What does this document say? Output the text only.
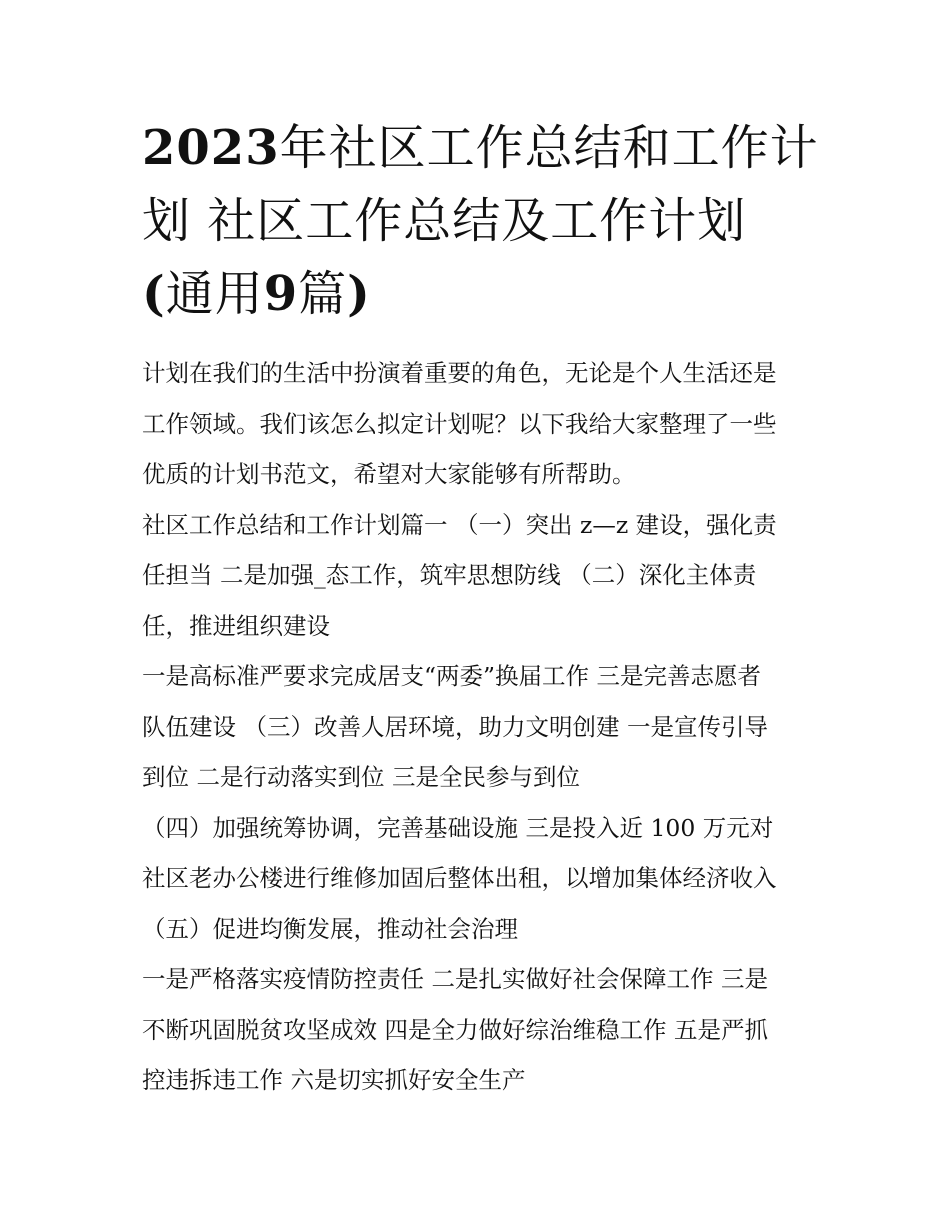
2023年社区工作总结和工作计
划 社区工作总结及工作计划
(通用9篇)

计划在我们的生活中扮演着重要的角色，无论是个人生活还是
工作领域。我们该怎么拟定计划呢？以下我给大家整理了一些
优质的计划书范文，希望对大家能够有所帮助。

社区工作总结和工作计划篇一 （一）突出 z—z 建设，强化责
任担当 二是加强_态工作，筑牢思想防线 （二）深化主体责
任，推进组织建设

一是高标准严要求完成居支“两委”换届工作 三是完善志愿者
队伍建设 （三）改善人居环境，助力文明创建 一是宣传引导
到位 二是行动落实到位 三是全民参与到位

（四）加强统筹协调，完善基础设施 三是投入近 100 万元对
社区老办公楼进行维修加固后整体出租，以增加集体经济收入
（五）促进均衡发展，推动社会治理

一是严格落实疫情防控责任 二是扎实做好社会保障工作 三是
不断巩固脱贫攻坚成效 四是全力做好综治维稳工作 五是严抓
控违拆违工作 六是切实抓好安全生产
